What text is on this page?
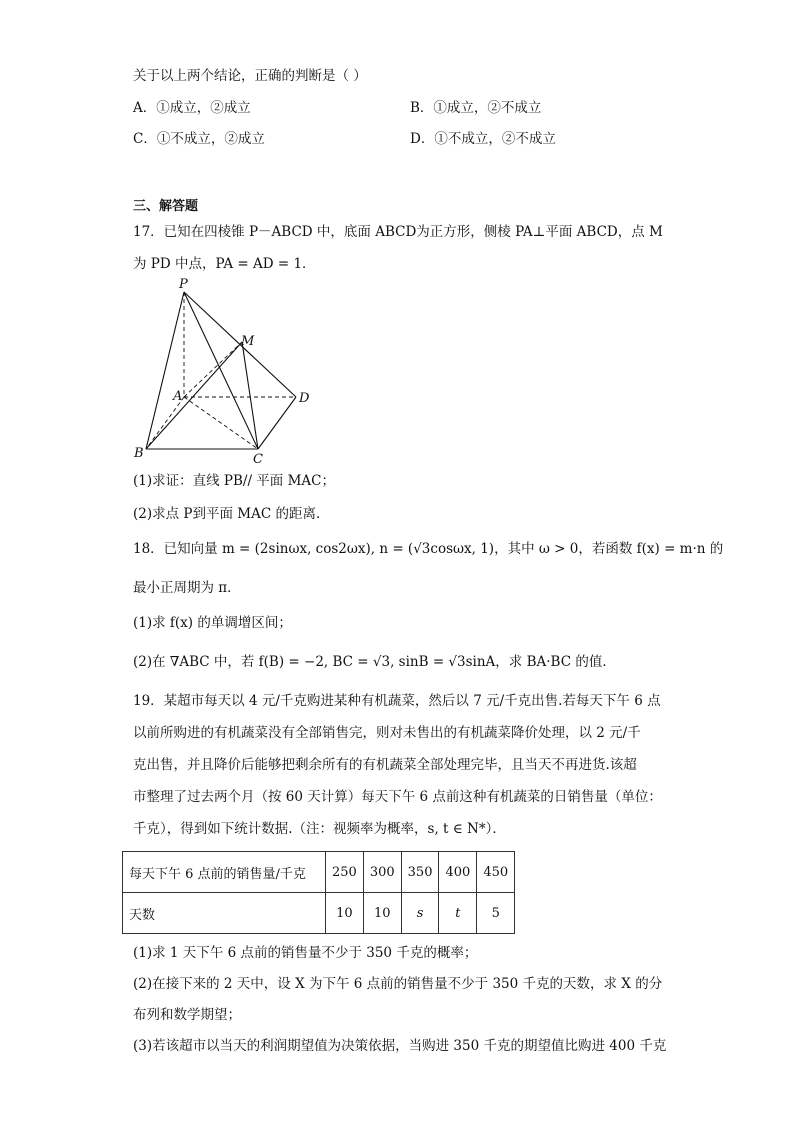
关于以上两个结论，正确的判断是（ ）
A．①成立，②成立	B．①成立，②不成立
C．①不成立，②成立	D．①不成立，②不成立
三、解答题
17．已知在四棱锥 P－ABCD 中，底面 ABCD为正方形，侧棱 PA⊥平面 ABCD，点 M
为 PD 中点，PA = AD = 1．
P
M
A	D
B	C
(1)求证：直线 PB// 平面 MAC；
(2)求点 P到平面 MAC 的距离．
18．已知向量 m = (2sinωx, cos2ωx), n = (√3cosωx, 1)，其中 ω > 0，若函数 f(x) = m·n 的
最小正周期为 π．
(1)求 f(x) 的单调增区间；
(2)在 ∇ABC 中，若 f(B) = −2, BC = √3, sinB = √3sinA，求 BA·BC 的值．
19．某超市每天以 4 元/千克购进某种有机蔬菜，然后以 7 元/千克出售.若每天下午 6 点
以前所购进的有机蔬菜没有全部销售完，则对未售出的有机蔬菜降价处理，以 2 元/千
克出售，并且降价后能够把剩余所有的有机蔬菜全部处理完毕，且当天不再进货.该超
市整理了过去两个月（按 60 天计算）每天下午 6 点前这种有机蔬菜的日销售量（单位：
千克），得到如下统计数据.（注：视频率为概率，s, t ∈ N*）．
每天下午 6 点前的销售量/千克	250	300	350	400	450
天数	10	10	s	t	5
(1)求 1 天下午 6 点前的销售量不少于 350 千克的概率；
(2)在接下来的 2 天中，设 X 为下午 6 点前的销售量不少于 350 千克的天数，求 X 的分
布列和数学期望；
(3)若该超市以当天的利润期望值为决策依据，当购进 350 千克的期望值比购进 400 千克
